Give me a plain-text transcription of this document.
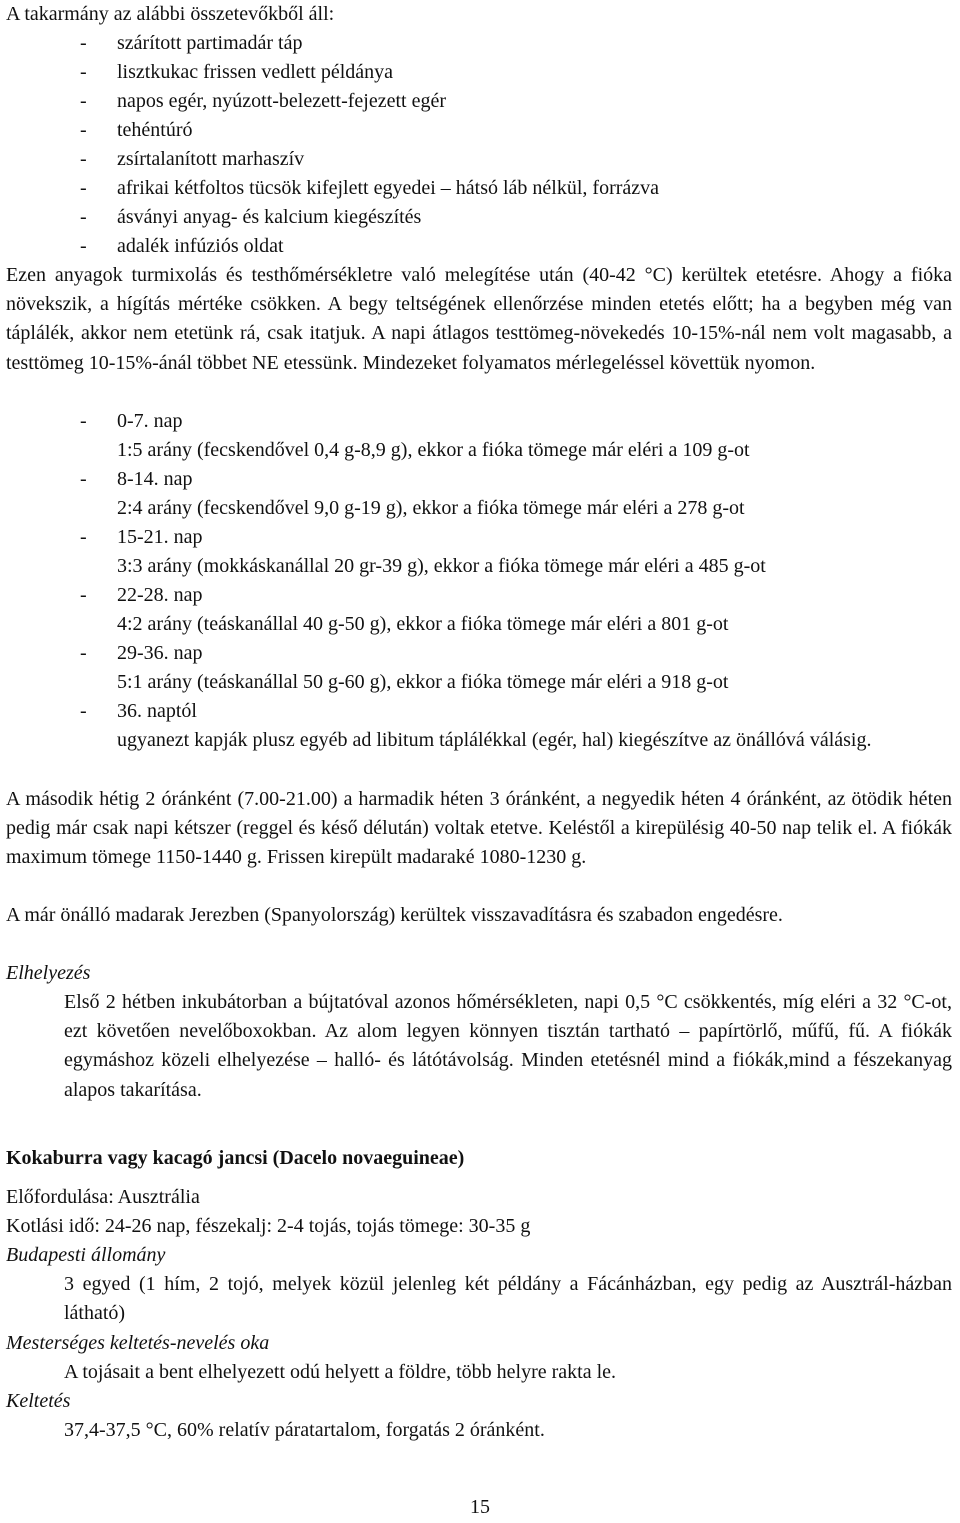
A takarmány az alábbi összetevőkből áll:
- szárított partimadár táp
- lisztkukac frissen vedlett példánya
- napos egér, nyúzott-belezett-fejezett egér
- tehéntúró
- zsírtalanított marhaszív
- afrikai kétfoltos tücsök kifejlett egyedei – hátsó láb nélkül, forrázva
- ásványi anyag- és kalcium kiegészítés
- adalék infúziós oldat
Ezen anyagok turmixolás és testhőmérsékletre való melegítése után (40-42 °C) kerültek etetésre. Ahogy a fióka növekszik, a hígítás mértéke csökken. A begy teltségének ellenőrzése minden etetés előtt; ha a begyben még van táplálék, akkor nem etetünk rá, csak itatjuk. A napi átlagos testtömeg-növekedés 10-15%-nál nem volt magasabb, a testtömeg 10-15%-ánál többet NE etessünk. Mindezeket folyamatos mérlegeléssel követtük nyomon.
- 0-7. nap
1:5 arány (fecskendővel 0,4 g-8,9 g), ekkor a fióka tömege már eléri a 109 g-ot
- 8-14. nap
2:4 arány (fecskendővel 9,0 g-19 g), ekkor a fióka tömege már eléri a 278 g-ot
- 15-21. nap
3:3 arány (mokkáskanállal 20 gr-39 g), ekkor a fióka tömege már eléri a 485 g-ot
- 22-28. nap
4:2 arány (teáskanállal 40 g-50 g), ekkor a fióka tömege már eléri a 801 g-ot
- 29-36. nap
5:1 arány (teáskanállal 50 g-60 g), ekkor a fióka tömege már eléri a 918 g-ot
- 36. naptól
ugyanezt kapják plusz egyéb ad libitum táplálékkal (egér, hal) kiegészítve az önállóvá válásig.
A második hétig 2 óránként (7.00-21.00) a harmadik héten 3 óránként, a negyedik héten 4 óránként, az ötödik héten pedig már csak napi kétszer (reggel és késő délután) voltak etetve. Keléstől a kirepülésig 40-50 nap telik el. A fiókák maximum tömege 1150-1440 g. Frissen kirepült madaraké 1080-1230 g.
A már önálló madarak Jerezben (Spanyolország) kerültek visszavadításra és szabadon engedésre.
Elhelyezés
Első 2 hétben inkubátorban a bújtatóval azonos hőmérsékleten, napi 0,5 °C csökkentés, míg eléri a 32 °C-ot, ezt követően nevelőboxokban. Az alom legyen könnyen tisztán tartható – papírtörlő, műfű, fű. A fiókák egymáshoz közeli elhelyezése – halló- és látótávolság. Minden etetésnél mind a fiókák,mind a fészekanyag alapos takarítása.
Kokaburra vagy kacagó jancsi (Dacelo novaeguineae)
Előfordulása: Ausztrália
Kotlási idő: 24-26 nap, fészekalj: 2-4 tojás, tojás tömege: 30-35 g
Budapesti állomány
3 egyed (1 hím, 2 tojó, melyek közül jelenleg két példány a Fácánházban, egy pedig az Ausztrál-házban látható)
Mesterséges keltetés-nevelés oka
A tojásait a bent elhelyezett odú helyett a földre, több helyre rakta le.
Keltetés
37,4-37,5 °C, 60% relatív páratartalom, forgatás 2 óránként.
15
